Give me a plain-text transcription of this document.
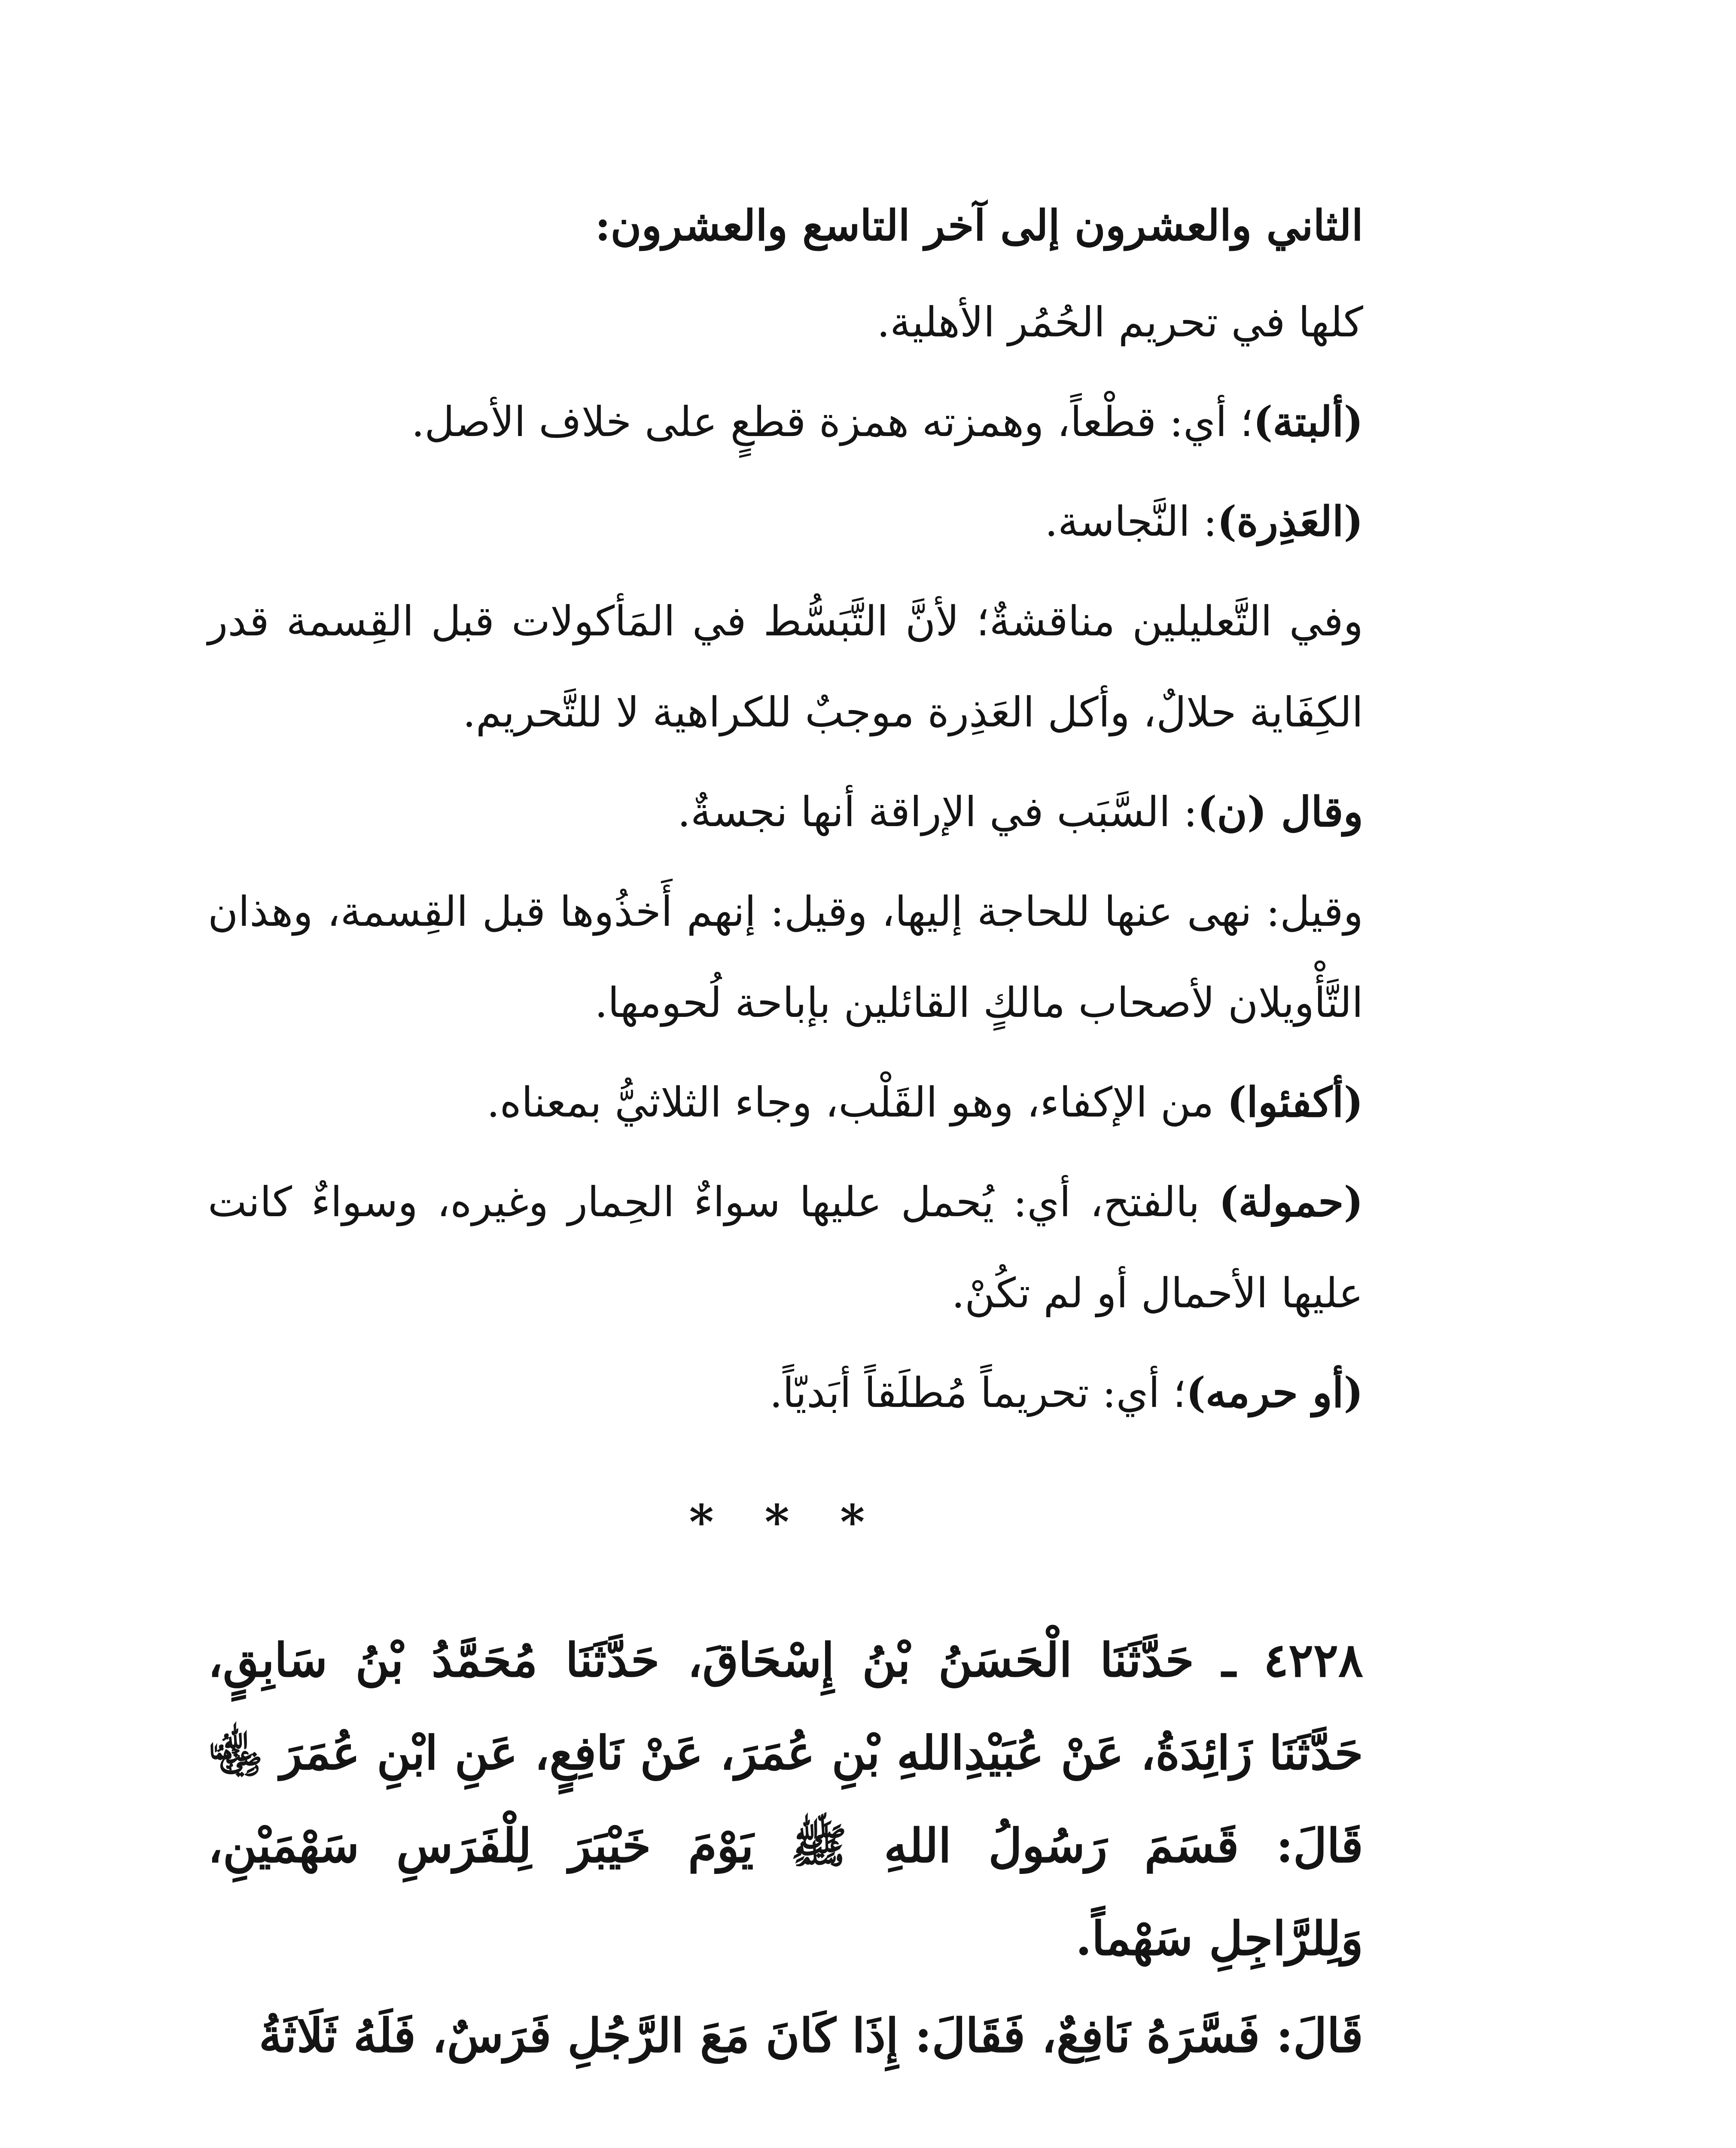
الثاني والعشرون إلى آخر التاسع والعشرون:

كلها في تحريم الحُمُر الأهلية.

(ألبتة)؛ أي: قطْعاً، وهمزته همزة قطعٍ على خلاف الأصل.

(العَذِرة): النَّجاسة.

وفي التَّعليلين مناقشةٌ؛ لأنَّ التَّبَسُّط في المَأكولات قبل القِسمة قدر الكِفَاية حلالٌ، وأكل العَذِرة موجبٌ للكراهية لا للتَّحريم.

وقال (ن): السَّبَب في الإراقة أنها نجسةٌ.

وقيل: نهى عنها للحاجة إليها، وقيل: إنهم أَخذُوها قبل القِسمة، وهذان التَّأْويلان لأصحاب مالكٍ القائلين بإباحة لُحومها.

(أكفئوا) من الإكفاء، وهو القَلْب، وجاء الثلاثيُّ بمعناه.

(حمولة) بالفتح، أي: يُحمل عليها سواءٌ الحِمار وغيره، وسواءٌ كانت عليها الأحمال أو لم تكُنْ.

(أو حرمه)؛ أي: تحريماً مُطلَقاً أبَديّاً.

* * *

٤٢٢٨ ـ حَدَّثَنَا الْحَسَنُ بْنُ إِسْحَاقَ، حَدَّثَنَا مُحَمَّدُ بْنُ سَابِقٍ، حَدَّثَنَا زَائِدَةُ، عَنْ عُبَيْدِاللهِ بْنِ عُمَرَ، عَنْ نَافِعٍ، عَنِ ابْنِ عُمَرَ ﵄ قَالَ: قَسَمَ رَسُولُ اللهِ ﷺ يَوْمَ خَيْبَرَ لِلْفَرَسِ سَهْمَيْنِ، وَلِلرَّاجِلِ سَهْماً.

قَالَ: فَسَّرَهُ نَافِعٌ، فَقَالَ: إِذَا كَانَ مَعَ الرَّجُلِ فَرَسٌ، فَلَهُ ثَلَاثَةُ
